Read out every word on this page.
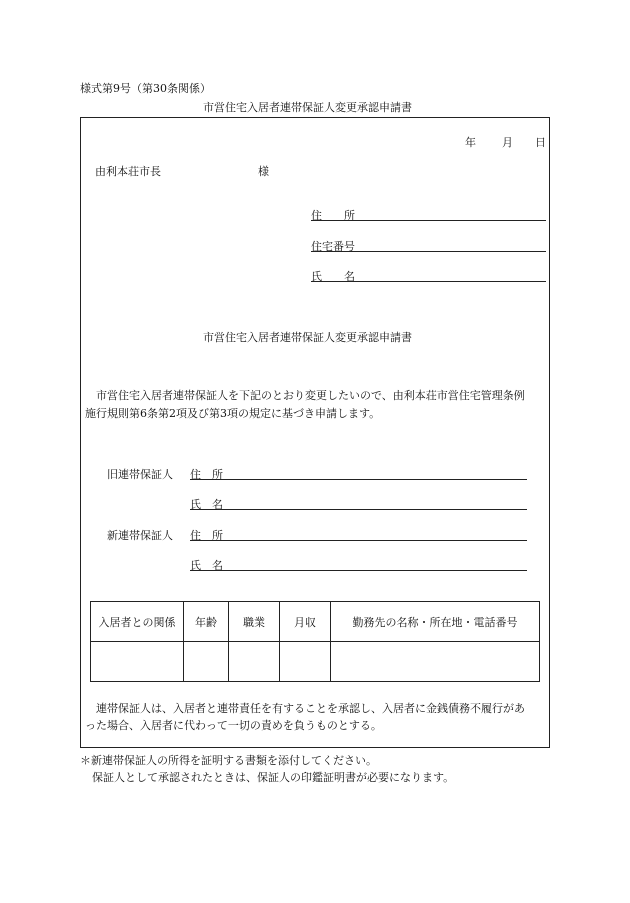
様式第9号（第30条関係）
市営住宅入居者連帯保証人変更承認申請書
年 月 日
由利本荘市長	様
住　　所
住宅番号
氏　　名
市営住宅入居者連帯保証人変更承認申請書
市営住宅入居者連帯保証人を下記のとおり変更したいので、由利本荘市営住宅管理条例
施行規則第6条第2項及び第3項の規定に基づき申請します。
旧連帯保証人 住　所
氏　名
新連帯保証人 住　所
氏　名
入居者との関係	年齢	職業	月収	勤務先の名称・所在地・電話番号

連帯保証人は、入居者と連帯責任を有することを承認し、入居者に金銭債務不履行があ
った場合、入居者に代わって一切の責めを負うものとする。
＊新連帯保証人の所得を証明する書類を添付してください。
保証人として承認されたときは、保証人の印鑑証明書が必要になります。
